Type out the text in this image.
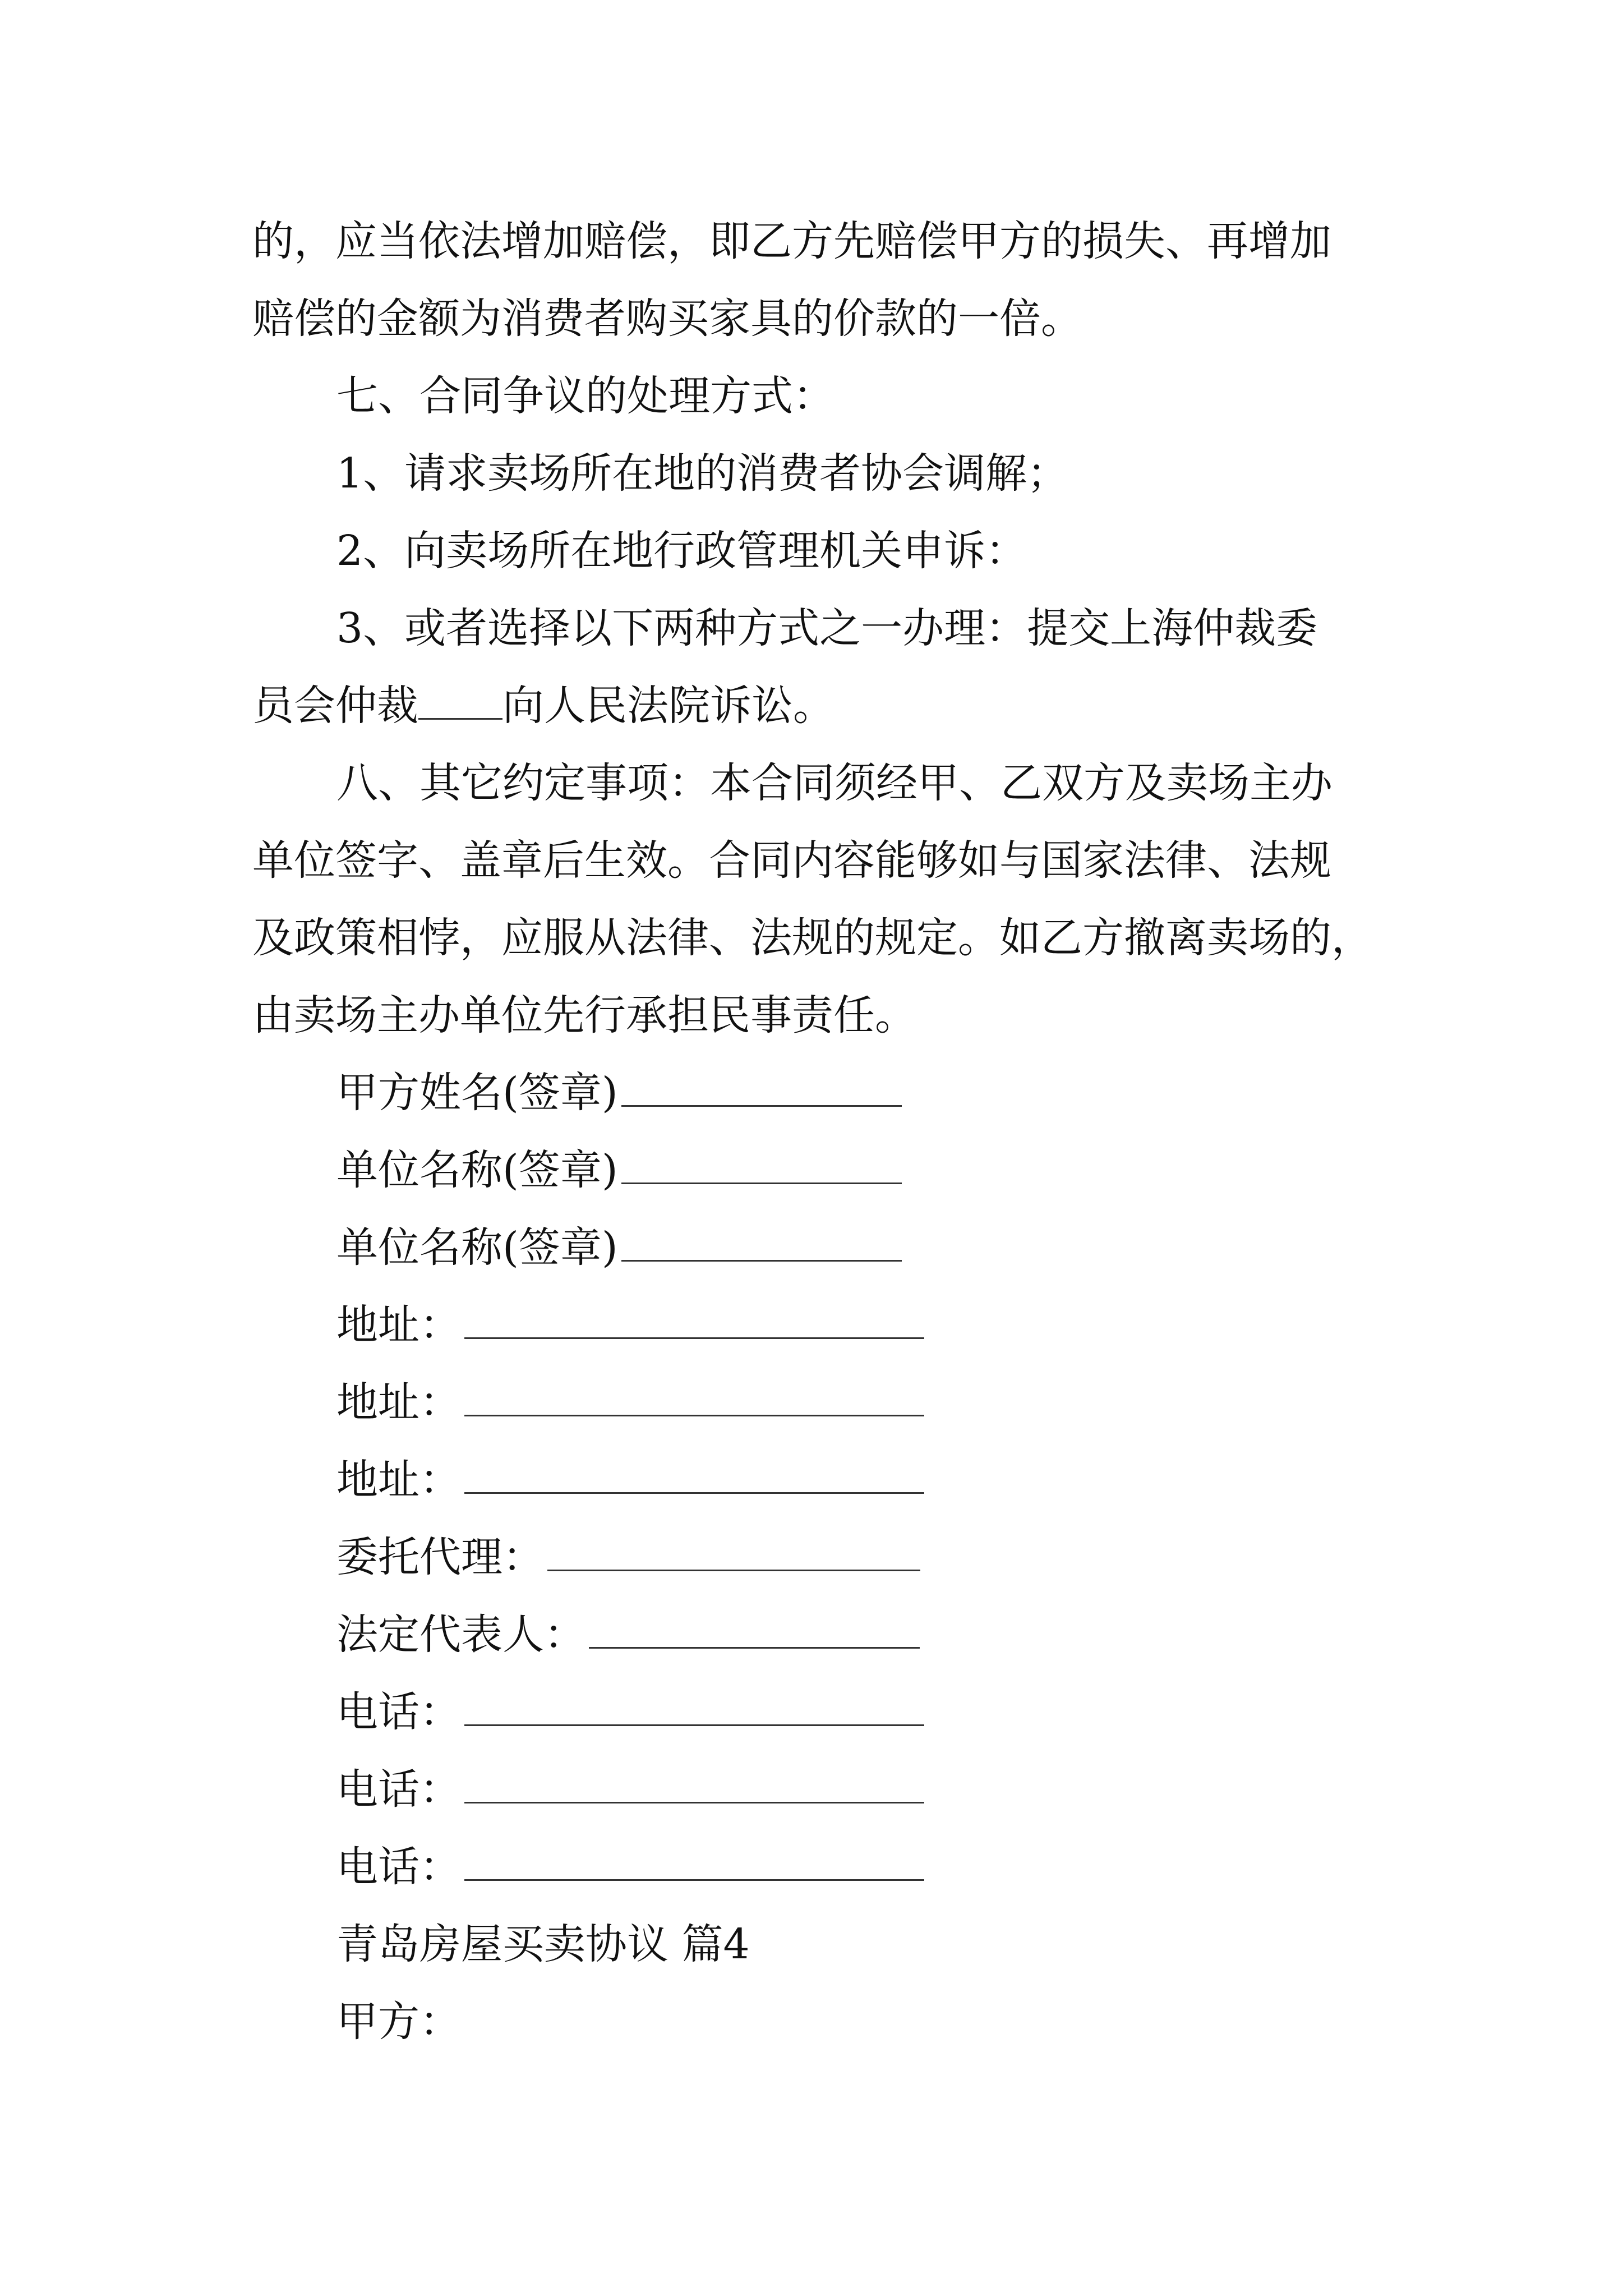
的，应当依法增加赔偿，即乙方先赔偿甲方的损失、再增加
赔偿的金额为消费者购买家具的价款的一倍。
七、合同争议的处理方式：
1、请求卖场所在地的消费者协会调解；
2、向卖场所在地行政管理机关申诉：
3、或者选择以下两种方式之一办理：提交上海仲裁委
员会仲裁 向人民法院诉讼。
八、其它约定事项：本合同须经甲、乙双方及卖场主办
单位签字、盖章后生效。合同内容能够如与国家法律、法规
及政策相悖，应服从法律、法规的规定。如乙方撤离卖场的，
由卖场主办单位先行承担民事责任。
甲方姓名(签章)
单位名称(签章)
单位名称(签章)
地址：
地址：
地址：
委托代理：
法定代表人：
电话：
电话：
电话：
青岛房屋买卖协议 篇4
甲方：
